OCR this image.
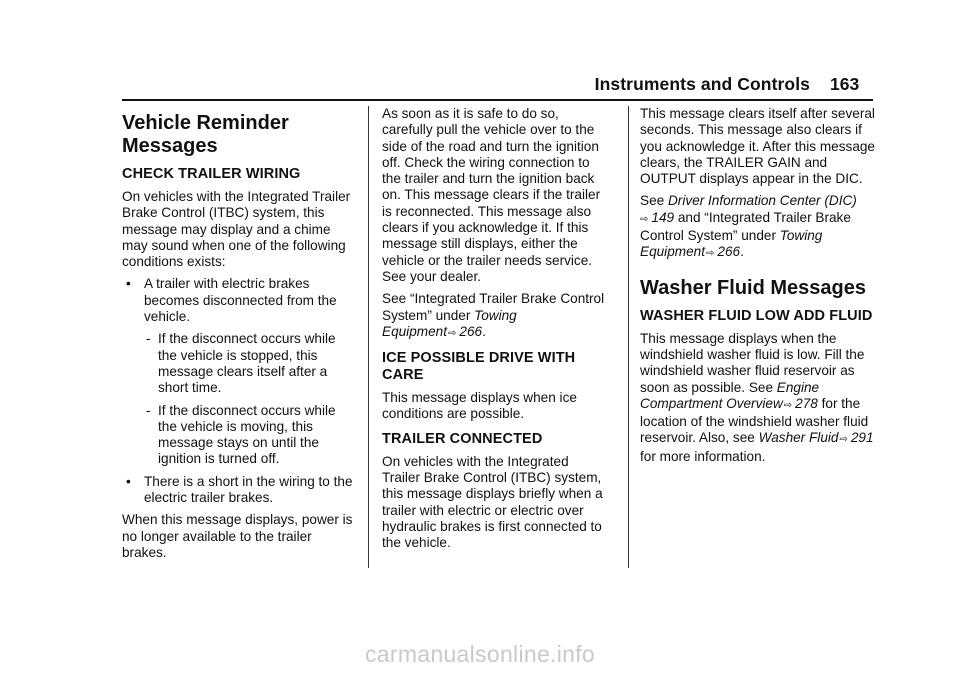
Instruments and Controls 163
Vehicle Reminder Messages
CHECK TRAILER WIRING

On vehicles with the Integrated Trailer Brake Control (ITBC) system, this message may display and a chime may sound when one of the following conditions exists:

• A trailer with electric brakes becomes disconnected from the vehicle.
- If the disconnect occurs while the vehicle is stopped, this message clears itself after a short time.
- If the disconnect occurs while the vehicle is moving, this message stays on until the ignition is turned off.
• There is a short in the wiring to the electric trailer brakes.

When this message displays, power is no longer available to the trailer brakes.

As soon as it is safe to do so, carefully pull the vehicle over to the side of the road and turn the ignition off. Check the wiring connection to the trailer and turn the ignition back on. This message clears if the trailer is reconnected. This message also clears if you acknowledge it. If this message still displays, either the vehicle or the trailer needs service. See your dealer.

See “Integrated Trailer Brake Control System” under Towing Equipment⇨ 266.

ICE POSSIBLE DRIVE WITH CARE

This message displays when ice conditions are possible.

TRAILER CONNECTED

On vehicles with the Integrated Trailer Brake Control (ITBC) system, this message displays briefly when a trailer with electric or electric over hydraulic brakes is first connected to the vehicle.

This message clears itself after several seconds. This message also clears if you acknowledge it. After this message clears, the TRAILER GAIN and OUTPUT displays appear in the DIC.

See Driver Information Center (DIC)
⇨ 149 and “Integrated Trailer Brake Control System” under Towing Equipment⇨ 266.

Washer Fluid Messages
WASHER FLUID LOW ADD FLUID

This message displays when the windshield washer fluid is low. Fill the windshield washer fluid reservoir as soon as possible. See Engine Compartment Overview⇨ 278 for the location of the windshield washer fluid reservoir. Also, see Washer Fluid⇨ 291 for more information.

carmanualsonline.info
